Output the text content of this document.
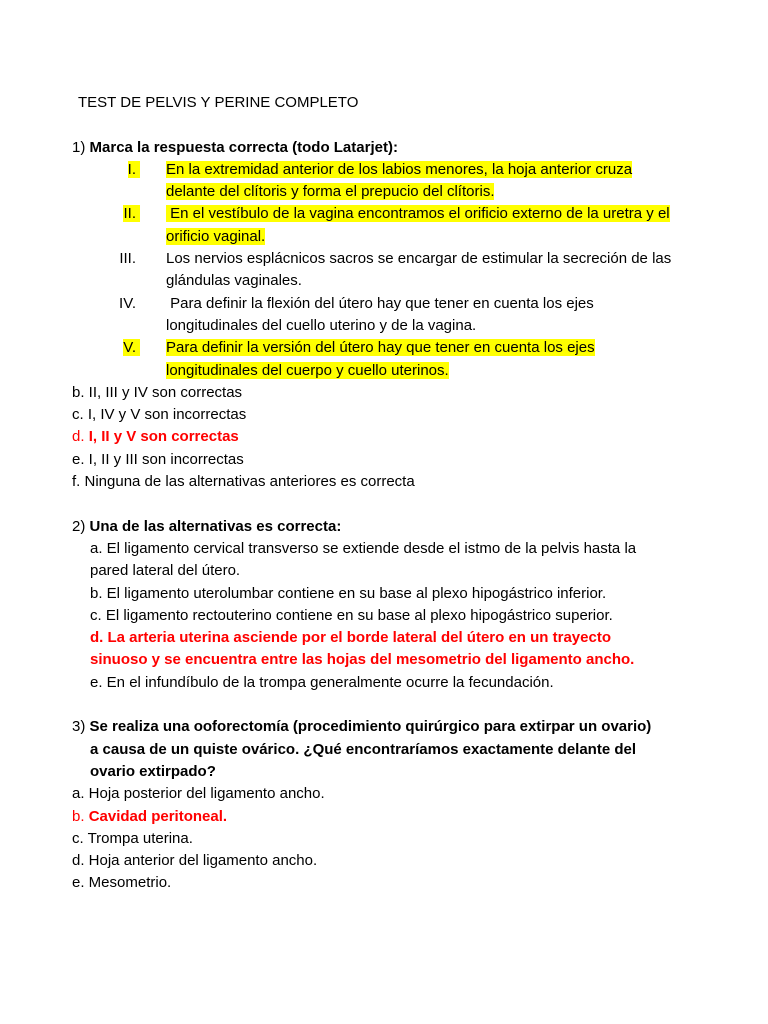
TEST DE PELVIS Y PERINE COMPLETO
1) Marca la respuesta correcta (todo Latarjet):
I.
En la extremidad anterior de los labios menores, la hoja anterior cruza
delante del clítoris y forma el prepucio del clítoris.
II.
En el vestíbulo de la vagina encontramos el orificio externo de la uretra y el
orificio vaginal.
III. Los nervios esplácnicos sacros se encargar de estimular la secreción de las
glándulas vaginales.
IV. Para definir la flexión del útero hay que tener en cuenta los ejes
longitudinales del cuello uterino y de la vagina.
V.
Para definir la versión del útero hay que tener en cuenta los ejes
longitudinales del cuerpo y cuello uterinos.
b. II, III y IV son correctas
c. I, IV y V son incorrectas
d. I, II y V son correctas
e. I, II y III son incorrectas
f. Ninguna de las alternativas anteriores es correcta
2) Una de las alternativas es correcta:
a. El ligamento cervical transverso se extiende desde el istmo de la pelvis hasta la
pared lateral del útero.
b. El ligamento uterolumbar contiene en su base al plexo hipogástrico inferior.
c. El ligamento rectouterino contiene en su base al plexo hipogástrico superior.
d. La arteria uterina asciende por el borde lateral del útero en un trayecto
sinuoso y se encuentra entre las hojas del mesometrio del ligamento ancho.
e. En el infundíbulo de la trompa generalmente ocurre la fecundación.
3) Se realiza una ooforectomía (procedimiento quirúrgico para extirpar un ovario)
a causa de un quiste ovárico. ¿Qué encontraríamos exactamente delante del
ovario extirpado?
a. Hoja posterior del ligamento ancho.
b. Cavidad peritoneal.
c. Trompa uterina.
d. Hoja anterior del ligamento ancho.
e. Mesometrio.
